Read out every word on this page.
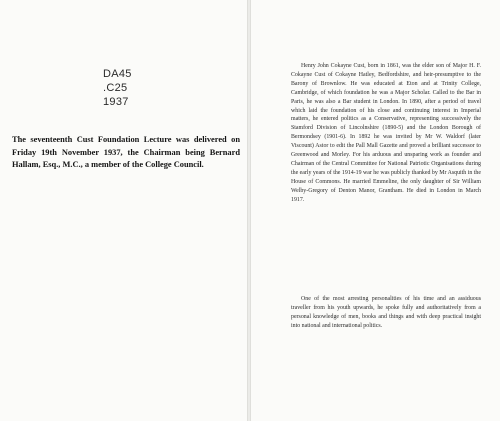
DA45
.C25
1937
The seventeenth Cust Foundation Lecture was delivered on Friday 19th November 1937, the Chairman being Bernard Hallam, Esq., M.C., a member of the College Council.

Henry John Cokayne Cust, born in 1861, was the elder son of Major H. F. Cokayne Cust of Cokayne Hatley, Bedfordshire, and heir-presumptive to the Barony of Brownlow. He was educated at Eton and at Trinity College, Cambridge, of which foundation he was a Major Scholar. Called to the Bar in Paris, he was also a Bar student in London. In 1890, after a period of travel which laid the foundation of his close and continuing interest in Imperial matters, he entered politics as a Conservative, representing successively the Stamford Division of Lincolnshire (1890-5) and the London Borough of Bermondsey (1901-6). In 1892 he was invited by Mr W. Waldorf (later Viscount) Astor to edit the Pall Mall Gazette and proved a brilliant successor to Greenwood and Morley. For his arduous and unsparing work as founder and Chairman of the Central Committee for National Patriotic Organisations during the early years of the 1914-19 war he was publicly thanked by Mr Asquith in the House of Commons. He married Emmeline, the only daughter of Sir William Welby-Gregory of Denton Manor, Grantham. He died in London in March 1917.

One of the most arresting personalities of his time and an assiduous traveller from his youth upwards, he spoke fully and authoritatively from a personal knowledge of men, books and things and with deep practical insight into national and international politics.
